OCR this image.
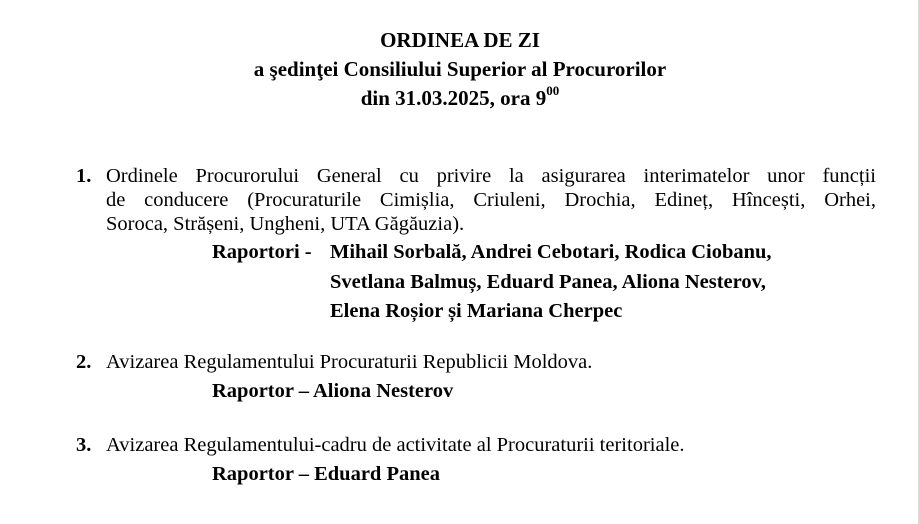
ORDINEA DE ZI
a şedinţei Consiliului Superior al Procurorilor
din 31.03.2025, ora $9^{00}$
1. Ordinele Procurorului General cu privire la asigurarea interimatelor unor funcții
de conducere (Procuraturile Cimișlia, Criuleni, Drochia, Edineț, Hîncești, Orhei,
Soroca, Strășeni, Ungheni, UTA Găgăuzia).
Raportori - Mihail Sorbală, Andrei Cebotari, Rodica Ciobanu,
Svetlana Balmuș, Eduard Panea, Aliona Nesterov,
Elena Roșior și Mariana Cherpec
2. Avizarea Regulamentului Procuraturii Republicii Moldova.
Raportor – Aliona Nesterov
3. Avizarea Regulamentului-cadru de activitate al Procuraturii teritoriale.
Raportor – Eduard Panea
